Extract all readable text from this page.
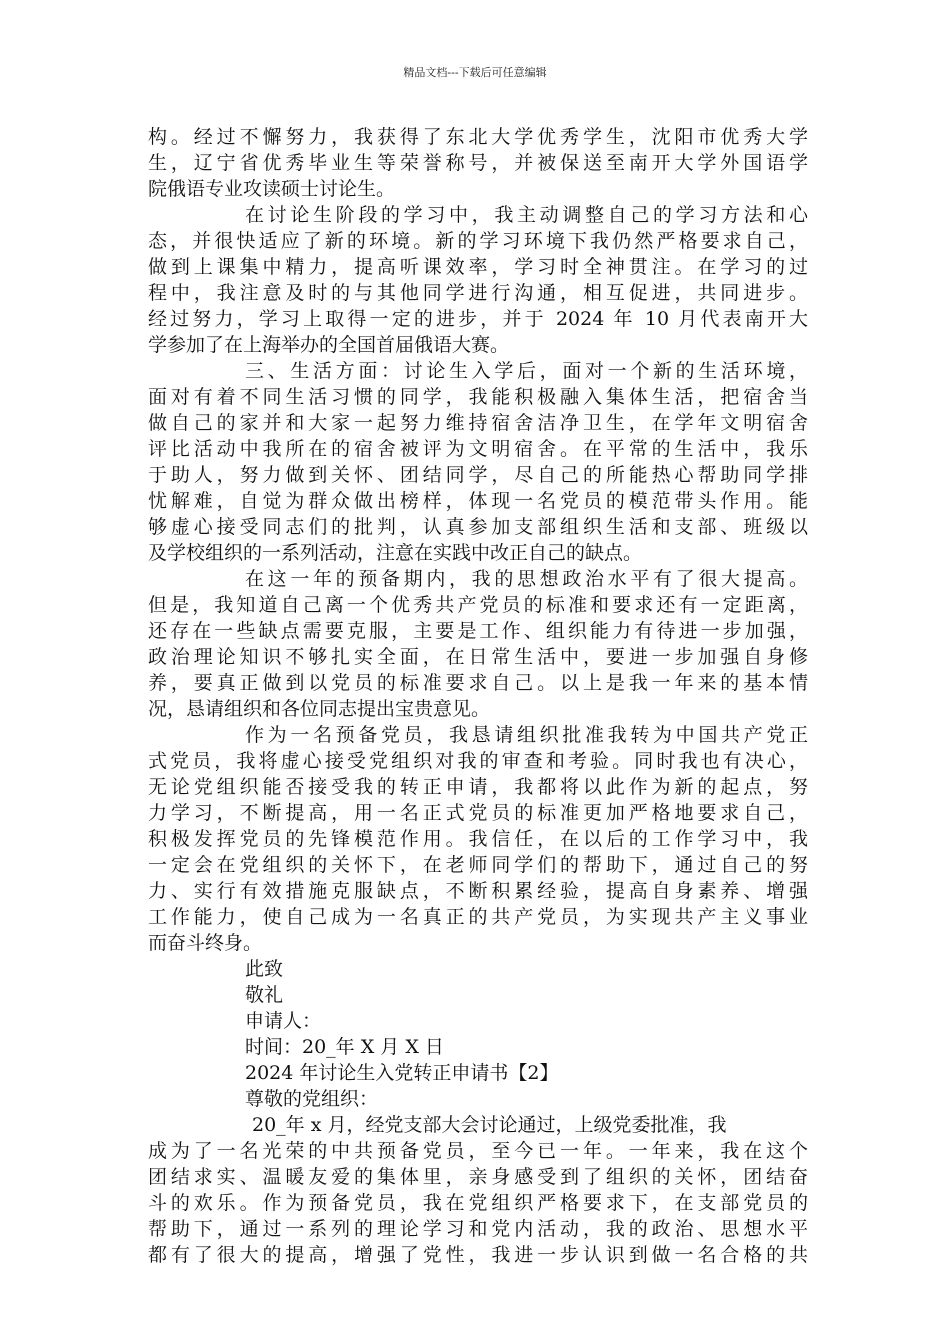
精品文档---下载后可任意编辑
构。经过不懈努力，我获得了东北大学优秀学生，沈阳市优秀大学
生，辽宁省优秀毕业生等荣誉称号，并被保送至南开大学外国语学
院俄语专业攻读硕士讨论生。
在讨论生阶段的学习中，我主动调整自己的学习方法和心
态，并很快适应了新的环境。新的学习环境下我仍然严格要求自己，
做到上课集中精力，提高听课效率，学习时全神贯注。在学习的过
程中，我注意及时的与其他同学进行沟通，相互促进，共同进步。
经过努力，学习上取得一定的进步，并于 2024 年 10 月代表南开大
学参加了在上海举办的全国首届俄语大赛。
三、生活方面：讨论生入学后，面对一个新的生活环境，
面对有着不同生活习惯的同学，我能积极融入集体生活，把宿舍当
做自己的家并和大家一起努力维持宿舍洁净卫生，在学年文明宿舍
评比活动中我所在的宿舍被评为文明宿舍。在平常的生活中，我乐
于助人，努力做到关怀、团结同学，尽自己的所能热心帮助同学排
忧解难，自觉为群众做出榜样，体现一名党员的模范带头作用。能
够虚心接受同志们的批判，认真参加支部组织生活和支部、班级以
及学校组织的一系列活动，注意在实践中改正自己的缺点。
在这一年的预备期内，我的思想政治水平有了很大提高。
但是，我知道自己离一个优秀共产党员的标准和要求还有一定距离，
还存在一些缺点需要克服，主要是工作、组织能力有待进一步加强，
政治理论知识不够扎实全面，在日常生活中，要进一步加强自身修
养，要真正做到以党员的标准要求自己。以上是我一年来的基本情
况，恳请组织和各位同志提出宝贵意见。
作为一名预备党员，我恳请组织批准我转为中国共产党正
式党员，我将虚心接受党组织对我的审查和考验。同时我也有决心，
无论党组织能否接受我的转正申请，我都将以此作为新的起点，努
力学习，不断提高，用一名正式党员的标准更加严格地要求自己，
积极发挥党员的先锋模范作用。我信任，在以后的工作学习中，我
一定会在党组织的关怀下，在老师同学们的帮助下，通过自己的努
力、实行有效措施克服缺点，不断积累经验，提高自身素养、增强
工作能力，使自己成为一名真正的共产党员，为实现共产主义事业
而奋斗终身。
此致
敬礼
申请人：
时间：20_年 X 月 X 日
2024 年讨论生入党转正申请书【2】
尊敬的党组织：
20_年 x 月，经党支部大会讨论通过，上级党委批准，我
成为了一名光荣的中共预备党员，至今已一年。一年来，我在这个
团结求实、温暖友爱的集体里，亲身感受到了组织的关怀，团结奋
斗的欢乐。作为预备党员，我在党组织严格要求下，在支部党员的
帮助下，通过一系列的理论学习和党内活动，我的政治、思想水平
都有了很大的提高，增强了党性，我进一步认识到做一名合格的共
